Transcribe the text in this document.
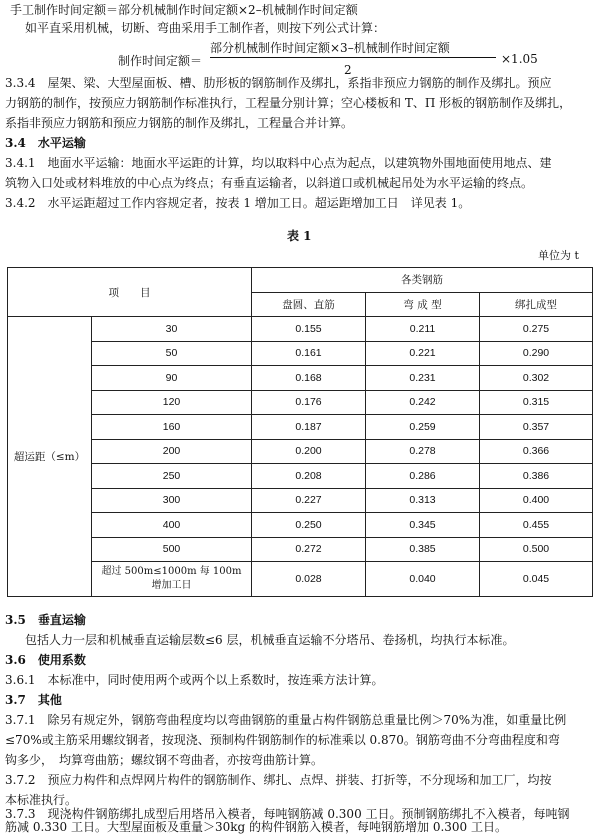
手工制作时间定额＝部分机械制作时间定额×2–机械制作时间定额
如平直采用机械，切断、弯曲采用手工制作者，则按下列公式计算：
制作时间定额＝
部分机械制作时间定额×3–机械制作时间定额
2
×1.05
3.3.4　屋架、梁、大型屋面板、槽、肋形板的钢筋制作及绑扎，系指非预应力钢筋的制作及绑扎。预应
力钢筋的制作，按预应力钢筋制作标准执行，工程量分别计算；空心楼板和 T、Π 形板的钢筋制作及绑扎，
系指非预应力钢筋和预应力钢筋的制作及绑扎，工程量合并计算。
3.4　水平运输
3.4.1　地面水平运输：地面水平运距的计算，均以取料中心点为起点，以建筑物外围地面使用地点、建
筑物入口处或材料堆放的中心点为终点；有垂直运输者，以斜道口或机械起吊处为水平运输的终点。
3.4.2　水平运距超过工作内容规定者，按表 1 增加工日。超运距增加工日　详见表 1。
表 1
单位为 t
项　　目		各类钢筋		
		盘圆、直筋	弯 成 型	绑扎成型
超运距（≤m）	30	0.155	0.211	0.275
	50	0.161	0.221	0.290
	90	0.168	0.231	0.302
	120	0.176	0.242	0.315
	160	0.187	0.259	0.357
	200	0.200	0.278	0.366
	250	0.208	0.286	0.386
	300	0.227	0.313	0.400
	400	0.250	0.345	0.455
	500	0.272	0.385	0.500
	超过 500m≤1000m 每 100m 增加工日	0.028	0.040	0.045
3.5　垂直运输
包括人力一层和机械垂直运输层数≤6 层，机械垂直运输不分塔吊、卷扬机，均执行本标准。
3.6　使用系数
3.6.1　本标准中，同时使用两个或两个以上系数时，按连乘方法计算。
3.7　其他
3.7.1　除另有规定外，钢筋弯曲程度均以弯曲钢筋的重量占构件钢筋总重量比例＞70%为准，如重量比例
≤70%或主筋采用螺纹钢者，按现浇、预制构件钢筋制作的标准乘以 0.870。钢筋弯曲不分弯曲程度和弯
钩多少，　均算弯曲筋；螺纹钢不弯曲者，亦按弯曲筋计算。
3.7.2　预应力构件和点焊网片构件的钢筋制作、绑扎、点焊、拼装、打折等，不分现场和加工厂，均按
本标准执行。
3.7.3　现浇构件钢筋绑扎成型后用塔吊入模者，每吨钢筋减 0.300 工日。预制钢筋绑扎不入模者，每吨钢
筋减 0.330 工日。大型屋面板及重量＞30kg 的构件钢筋入模者，每吨钢筋增加 0.300 工日。
